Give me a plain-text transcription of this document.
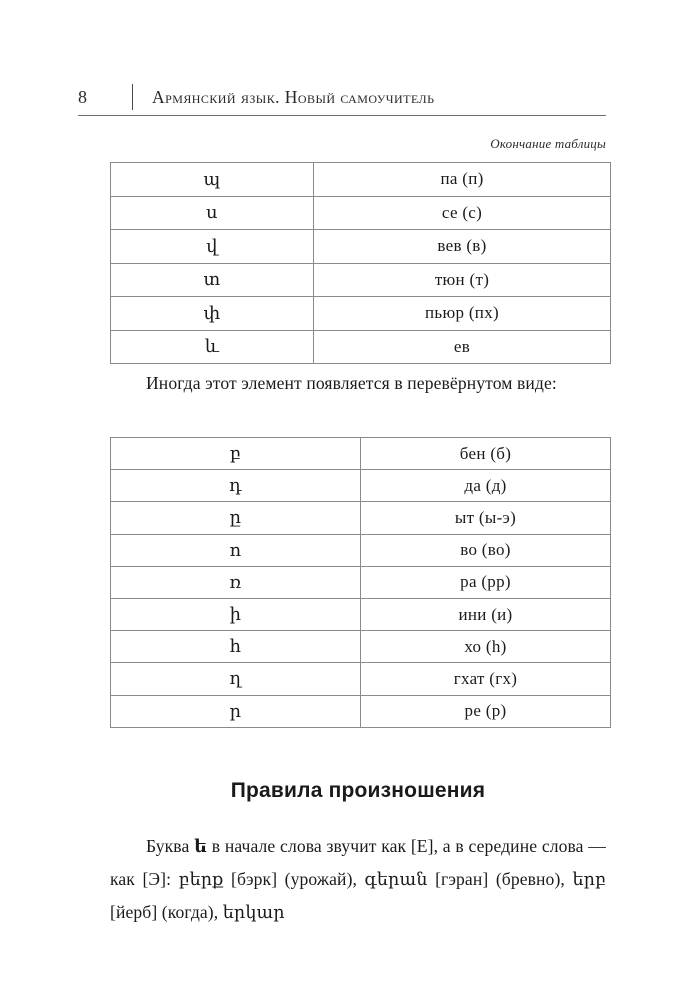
8	Армянский язык. Новый самоучитель
Окончание таблицы
պ	па (п)
ս	се (с)
վ	вев (в)
տ	тюн (т)
փ	пьюр (пх)
և	ев

Иногда этот элемент появляется в перевёрнутом виде:

բ	бен (б)
դ	да (д)
ը	ыт (ы-э)
ո	во (во)
ռ	ра (рр)
ի	ини (и)
հ	хо (h)
ղ	гхат (гх)
ր	ре (р)
Правила произношения

Буква ե в начале слова звучит как [Е], а в середине слова — как [Э]: բերք [бэрк] (урожай), գերան [гэран] (бревно), երբ [йерб] (когда), երկար
